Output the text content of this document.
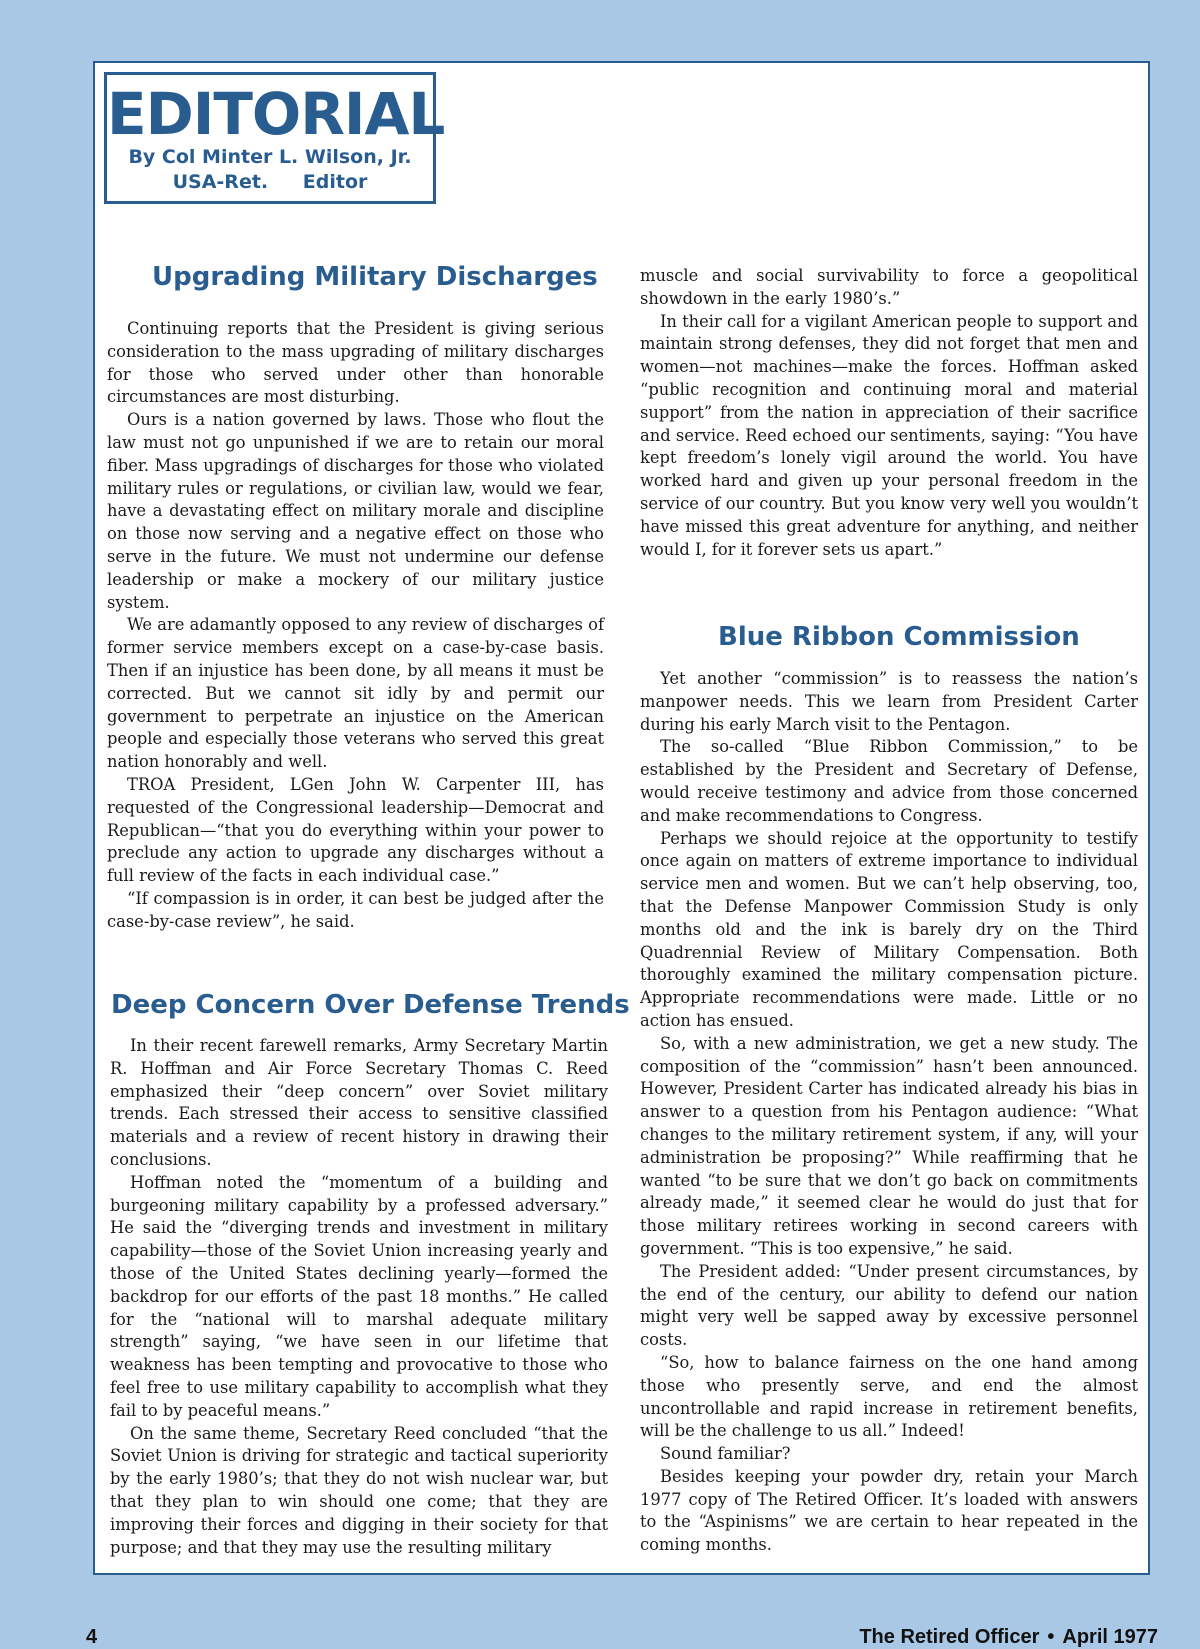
EDITORIAL
By Col Minter L. Wilson, Jr.
USA-Ret. Editor
Upgrading Military Discharges

Continuing reports that the President is giving serious consideration to the mass upgrading of military discharges for those who served under other than honorable circumstances are most disturbing.

Ours is a nation governed by laws. Those who flout the law must not go unpunished if we are to retain our moral fiber. Mass upgradings of discharges for those who violated military rules or regulations, or civilian law, would we fear, have a devastating effect on military morale and discipline on those now serving and a negative effect on those who serve in the future. We must not undermine our defense leadership or make a mockery of our military justice system.

We are adamantly opposed to any review of discharges of former service members except on a case-by-case basis. Then if an injustice has been done, by all means it must be corrected. But we cannot sit idly by and permit our government to perpetrate an injustice on the American people and especially those veterans who served this great nation honorably and well.

TROA President, LGen John W. Carpenter III, has requested of the Congressional leadership—Democrat and Republican—“that you do everything within your power to preclude any action to upgrade any discharges without a full review of the facts in each individual case.”

“If compassion is in order, it can best be judged after the case-by-case review”, he said.

Deep Concern Over Defense Trends

In their recent farewell remarks, Army Secretary Martin R. Hoffman and Air Force Secretary Thomas C. Reed emphasized their “deep concern” over Soviet military trends. Each stressed their access to sensitive classified materials and a review of recent history in drawing their conclusions.

Hoffman noted the “momentum of a building and burgeoning military capability by a professed adversary.” He said the “diverging trends and investment in military capability—those of the Soviet Union increasing yearly and those of the United States declining yearly—formed the backdrop for our efforts of the past 18 months.” He called for the “national will to marshal adequate military strength” saying, “we have seen in our lifetime that weakness has been tempting and provocative to those who feel free to use military capability to accomplish what they fail to by peaceful means.”

On the same theme, Secretary Reed concluded “that the Soviet Union is driving for strategic and tactical superiority by the early 1980’s; that they do not wish nuclear war, but that they plan to win should one come; that they are improving their forces and digging in their society for that purpose; and that they may use the resulting military

muscle and social survivability to force a geopolitical showdown in the early 1980’s.”

In their call for a vigilant American people to support and maintain strong defenses, they did not forget that men and women—not machines—make the forces. Hoffman asked “public recognition and continuing moral and material support” from the nation in appreciation of their sacrifice and service. Reed echoed our sentiments, saying: “You have kept freedom’s lonely vigil around the world. You have worked hard and given up your personal freedom in the service of our country. But you know very well you wouldn’t have missed this great adventure for anything, and neither would I, for it forever sets us apart.”

Blue Ribbon Commission

Yet another “commission” is to reassess the nation’s manpower needs. This we learn from President Carter during his early March visit to the Pentagon.

The so-called “Blue Ribbon Commission,” to be established by the President and Secretary of Defense, would receive testimony and advice from those concerned and make recommendations to Congress.

Perhaps we should rejoice at the opportunity to testify once again on matters of extreme importance to individual service men and women. But we can’t help observing, too, that the Defense Manpower Commission Study is only months old and the ink is barely dry on the Third Quadrennial Review of Military Compensation. Both thoroughly examined the military compensation picture. Appropriate recommendations were made. Little or no action has ensued.

So, with a new administration, we get a new study. The composition of the “commission” hasn’t been announced. However, President Carter has indicated already his bias in answer to a question from his Pentagon audience: “What changes to the military retirement system, if any, will your administration be proposing?” While reaffirming that he wanted “to be sure that we don’t go back on commitments already made,” it seemed clear he would do just that for those military retirees working in second careers with government. “This is too expensive,” he said.

The President added: “Under present circumstances, by the end of the century, our ability to defend our nation might very well be sapped away by excessive personnel costs.

“So, how to balance fairness on the one hand among those who presently serve, and end the almost uncontrollable and rapid increase in retirement benefits, will be the challenge to us all.” Indeed!

Sound familiar?

Besides keeping your powder dry, retain your March 1977 copy of The Retired Officer. It’s loaded with answers to the “Aspinisms” we are certain to hear repeated in the coming months.

4	The Retired Officer • April 1977
